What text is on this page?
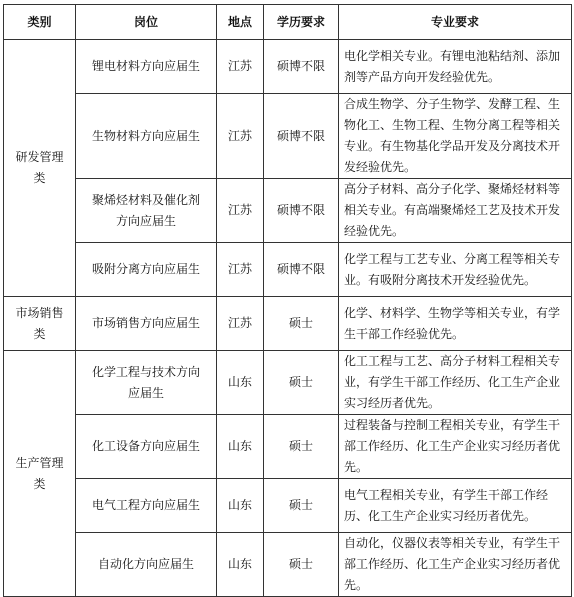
类别	岗位	地点	学历要求	专业要求
研发管理类	锂电材料方向应届生	江苏	硕博不限	电化学相关专业。有锂电池粘结剂、添加剂等产品方向开发经验优先。
	生物材料方向应届生	江苏	硕博不限	合成生物学、分子生物学、发酵工程、生物化工、生物工程、生物分离工程等相关专业。有生物基化学品开发及分离技术开发经验优先。
	聚烯烃材料及催化剂方向应届生	江苏	硕博不限	高分子材料、高分子化学、聚烯烃材料等相关专业。有高端聚烯烃工艺及技术开发经验优先。
	吸附分离方向应届生	江苏	硕博不限	化学工程与工艺专业、分离工程等相关专业。有吸附分离技术开发经验优先。
市场销售类	市场销售方向应届生	江苏	硕士	化学、材料学、生物学等相关专业，有学生干部工作经验优先。
生产管理类	化学工程与技术方向应届生	山东	硕士	化工工程与工艺、高分子材料工程相关专业，有学生干部工作经历、化工生产企业实习经历者优先。
	化工设备方向应届生	山东	硕士	过程装备与控制工程相关专业，有学生干部工作经历、化工生产企业实习经历者优先。
	电气工程方向应届生	山东	硕士	电气工程相关专业，有学生干部工作经历、化工生产企业实习经历者优先。
	自动化方向应届生	山东	硕士	自动化，仪器仪表等相关专业，有学生干部工作经历、化工生产企业实习经历者优先。
